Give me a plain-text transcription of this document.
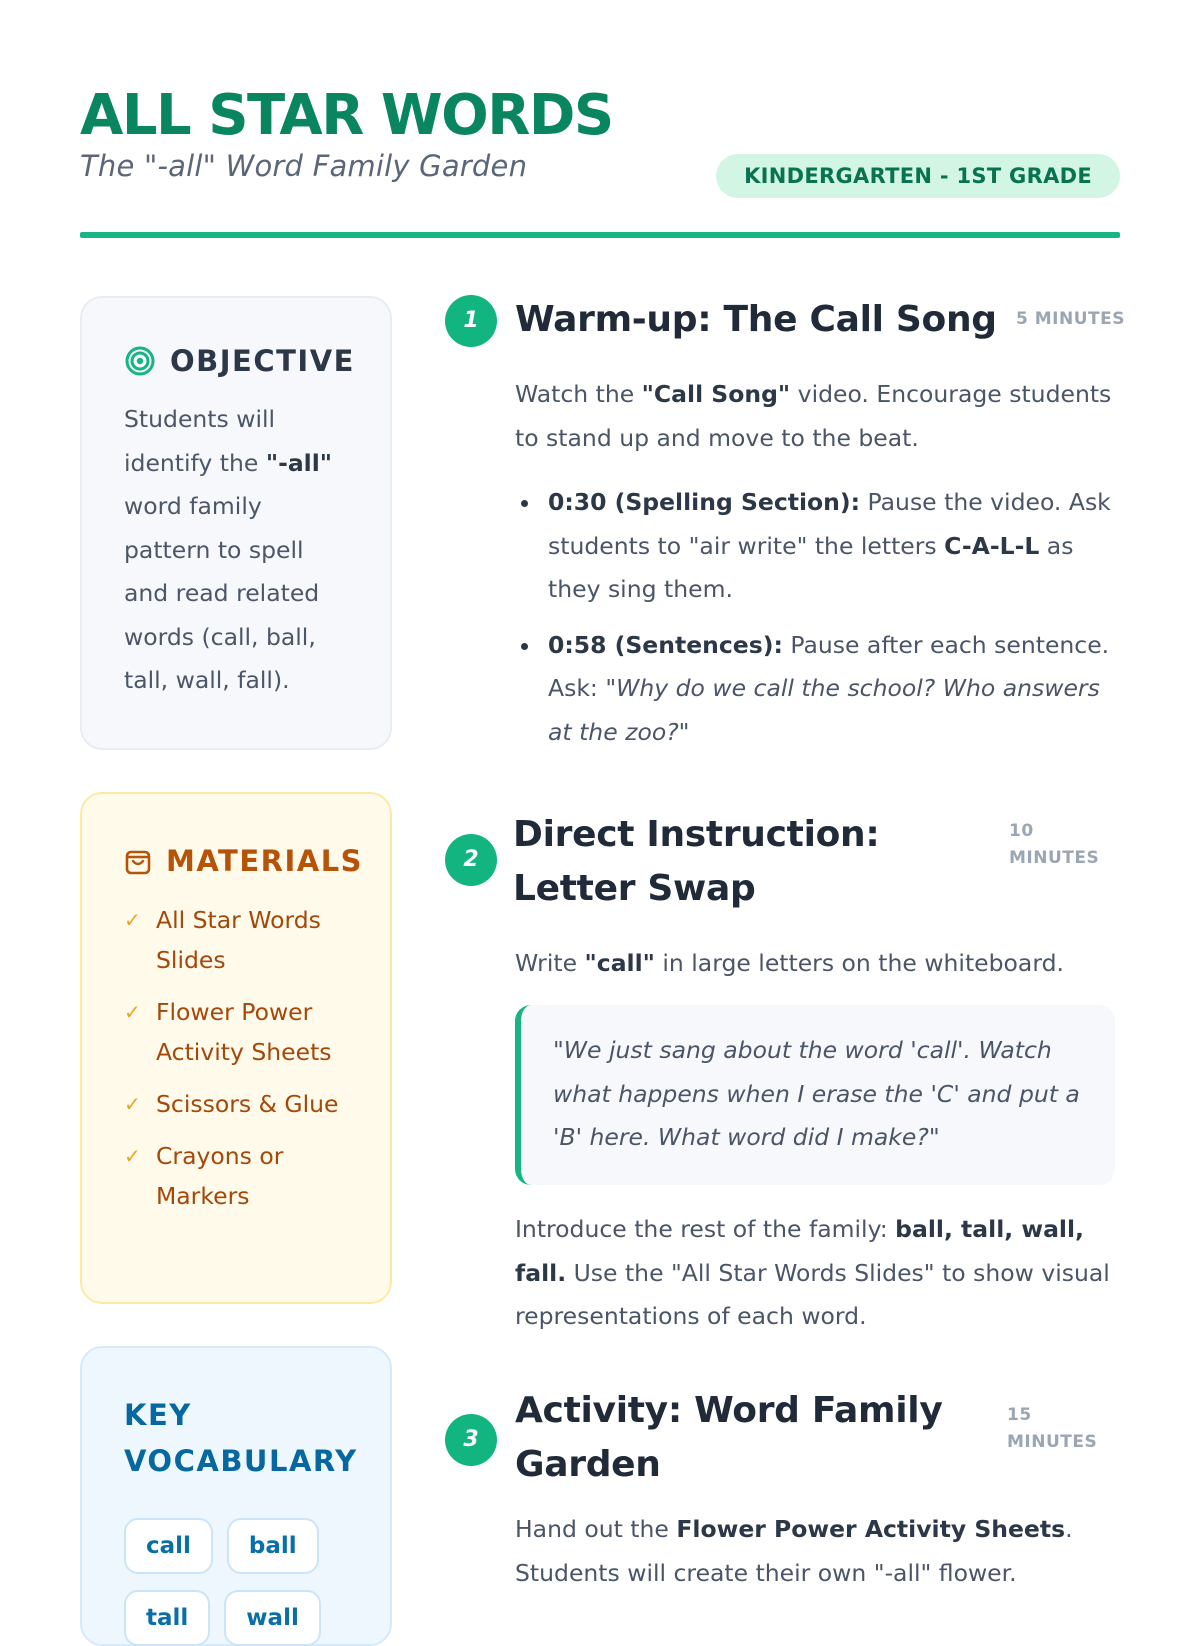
ALL STAR WORDS
The "-all" Word Family Garden	KINDERGARTEN - 1ST GRADE
OBJECTIVE
Students will identify the "-all" word family pattern to spell and read related words (call, ball, tall, wall, fall).
MATERIALS
✓ All Star Words Slides
✓ Flower Power Activity Sheets
✓ Scissors & Glue
✓ Crayons or Markers
KEY VOCABULARY
call	ball
tall	wall
1	Warm-up: The Call Song 5 MINUTES
Watch the "Call Song" video. Encourage students to stand up and move to the beat.
0:30 (Spelling Section): Pause the video. Ask students to "air write" the letters C-A-L-L as they sing them.
0:58 (Sentences): Pause after each sentence. Ask: "Why do we call the school? Who answers at the zoo?"
2
Direct Instruction: Letter Swap
10 MINUTES
Write "call" in large letters on the whiteboard.
"We just sang about the word 'call'. Watch what happens when I erase the 'C' and put a 'B' here. What word did I make?"
Introduce the rest of the family: ball, tall, wall, fall. Use the "All Star Words Slides" to show visual representations of each word.
3
Activity: Word Family Garden
15 MINUTES
Hand out the Flower Power Activity Sheets. Students will create their own "-all" flower.
